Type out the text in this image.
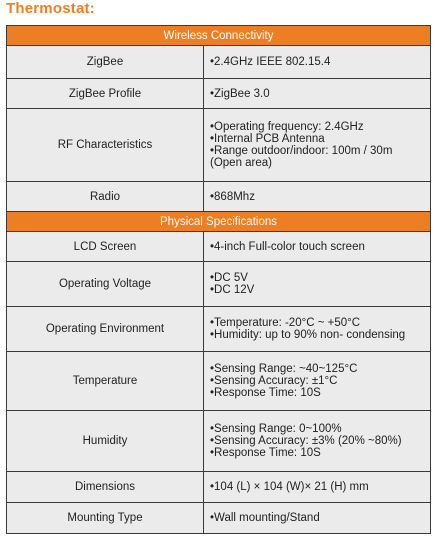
Thermostat:
Wireless Connectivity	
ZigBee	• 2.4GHz IEEE 802.15.4

ZigBee Profile	• ZigBee 3.0

RF Characteristics	• Operating frequency: 2.4GHz
• Internal PCB Antenna
• Range outdoor/indoor: 100m / 30m
(Open area)

Radio	• 868Mhz

Physical Specifications	
LCD Screen	• 4-inch Full-color touch screen

Operating Voltage	• DC 5V
• DC 12V

Operating Environment	• Temperature: -20°C ~ +50°C
• Humidity: up to 90% non- condensing

Temperature	• Sensing Range: ~40~125°C
• Sensing Accuracy: ±1°C
• Response Time: 10S

Humidity	• Sensing Range: 0~100%
• Sensing Accuracy: ±3% (20% ~80%)
• Response Time: 10S

Dimensions	• 104 (L) × 104 (W)× 21 (H) mm

Mounting Type	• Wall mounting/Stand
